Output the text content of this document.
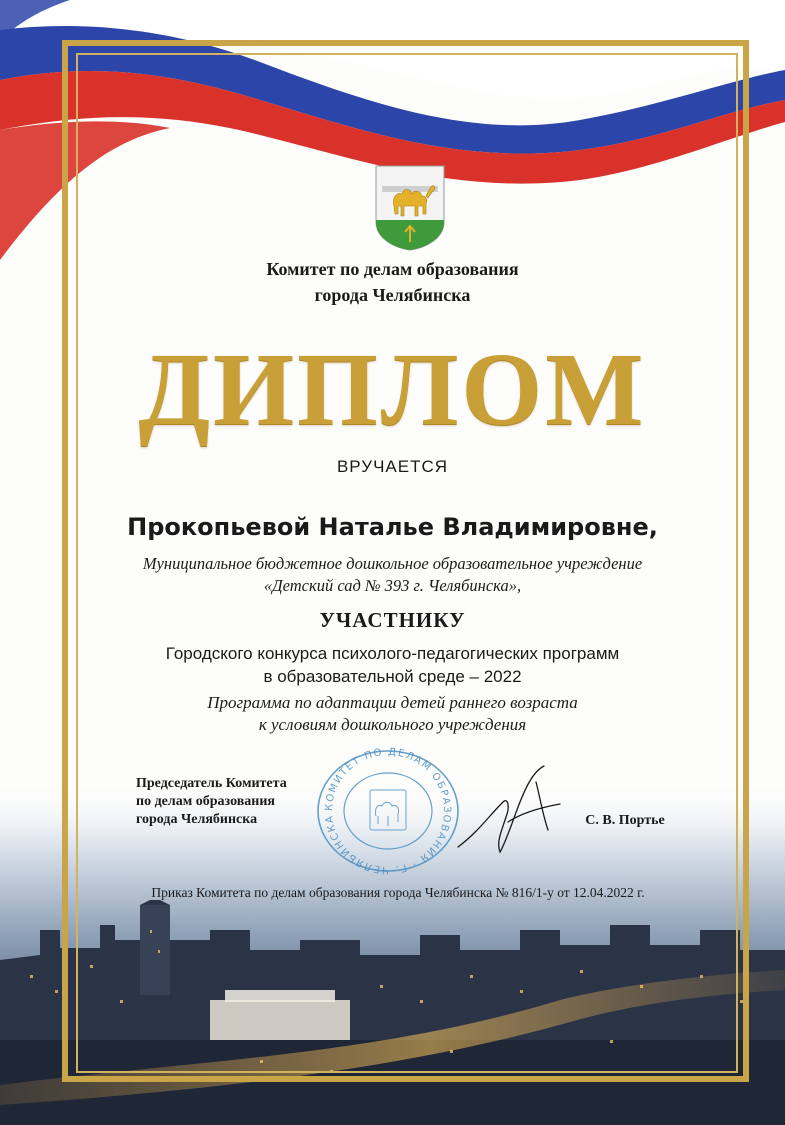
Комитет по делам образования
города Челябинска
ДИПЛОМ
ВРУЧАЕТСЯ
Прокопьевой Наталье Владимировне,
Муниципальное бюджетное дошкольное образовательное учреждение
«Детский сад № 393 г. Челябинска»,
УЧАСТНИКУ
Городского конкурса психолого-педагогических программ
в образовательной среде – 2022
Программа по адаптации детей раннего возраста
к условиям дошкольного учреждения
Председатель Комитета
по делам образования
города Челябинска
КОМИТЕТ ПО ДЕЛАМ ОБРАЗОВАНИЯ · Г. ЧЕЛЯБИНСКА	С. В. Портье
Приказ Комитета по делам образования города Челябинска № 816/1-у от 12.04.2022 г.
